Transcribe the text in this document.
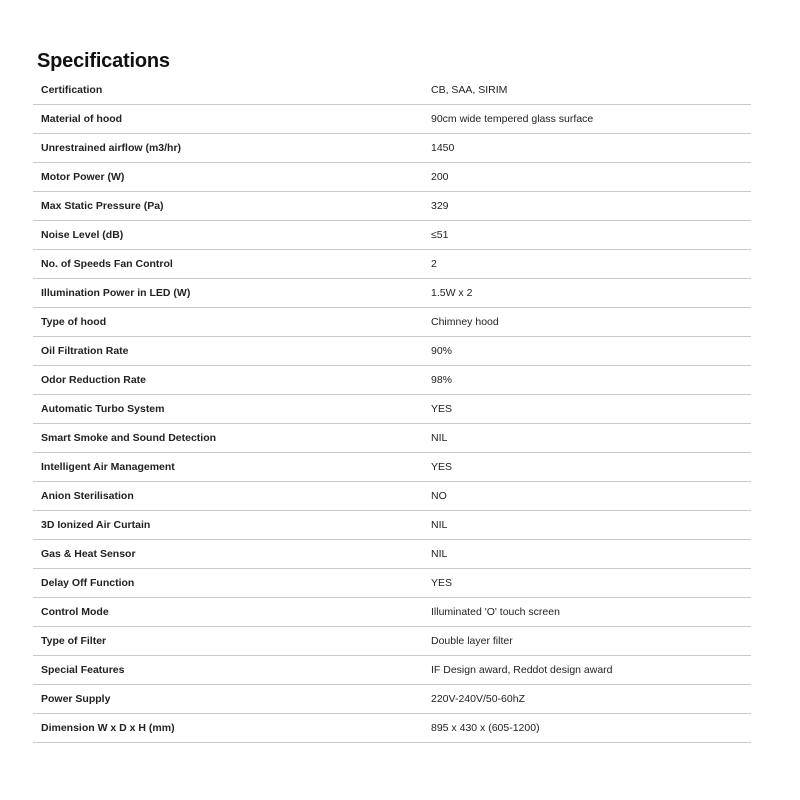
Specifications
Certification	CB, SAA, SIRIM
Material of hood	90cm wide tempered glass surface
Unrestrained airflow (m3/hr)	1450
Motor Power (W)	200
Max Static Pressure (Pa)	329
Noise Level (dB)	≤51
No. of Speeds Fan Control	2
Illumination Power in LED (W)	1.5W x 2
Type of hood	Chimney hood
Oil Filtration Rate	90%
Odor Reduction Rate	98%
Automatic Turbo System	YES
Smart Smoke and Sound Detection	NIL
Intelligent Air Management	YES
Anion Sterilisation	NO
3D Ionized Air Curtain	NIL
Gas & Heat Sensor	NIL
Delay Off Function	YES
Control Mode	Illuminated 'O' touch screen
Type of Filter	Double layer filter
Special Features	IF Design award, Reddot design award
Power Supply	220V-240V/50-60hZ
Dimension W x D x H (mm)	895 x 430 x (605-1200)
